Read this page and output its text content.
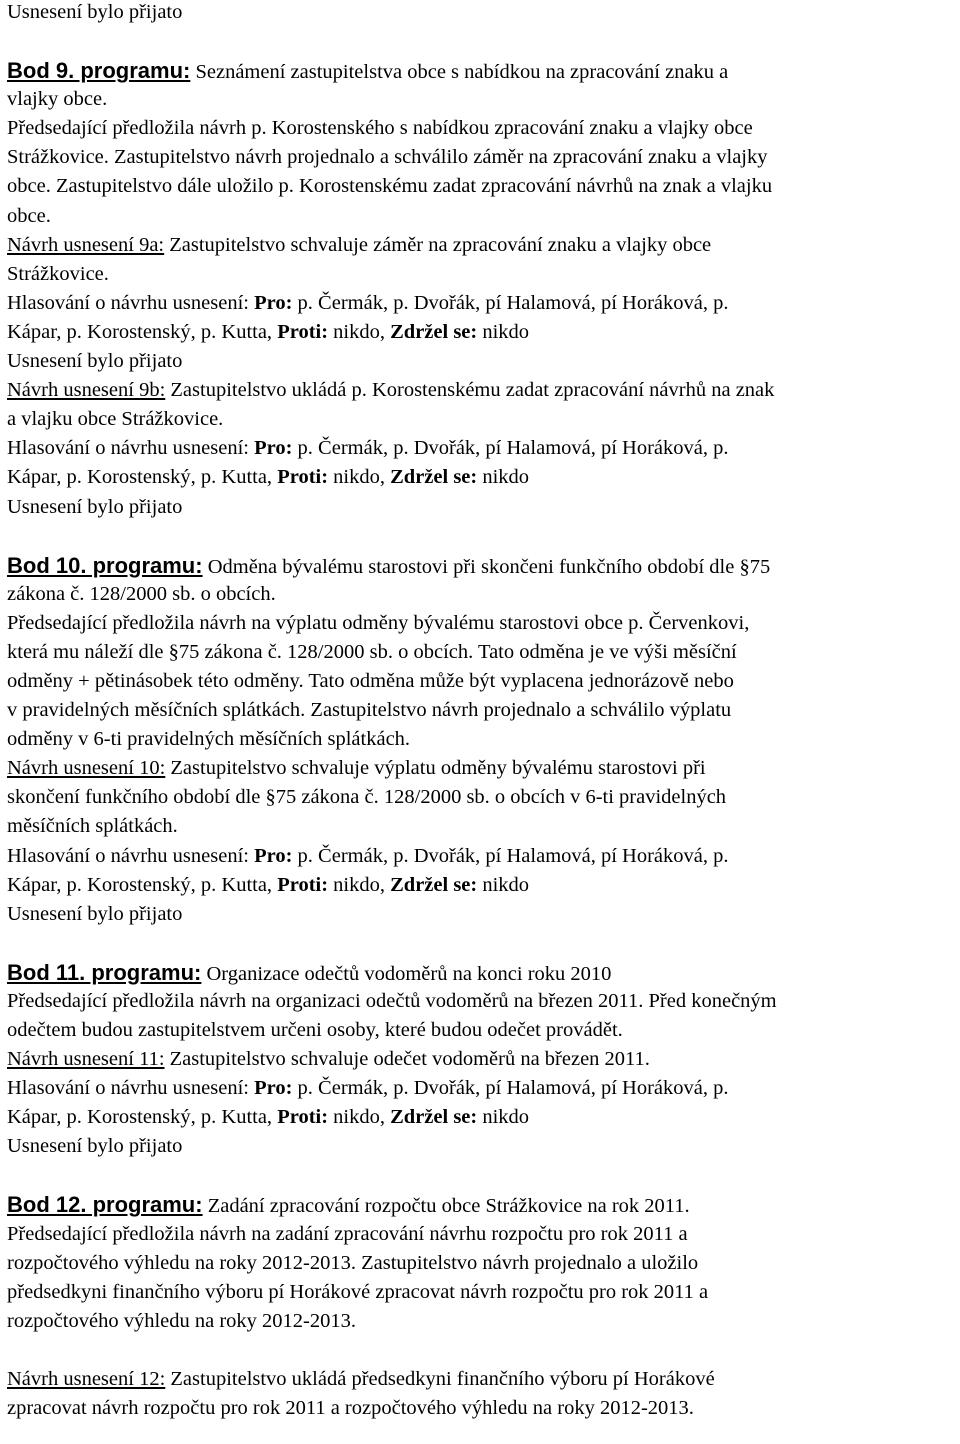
Usnesení bylo přijato
Bod 9. programu: Seznámení zastupitelstva obce s nabídkou na zpracování znaku a
vlajky obce.
Předsedající předložila návrh p. Korostenského s nabídkou zpracování znaku a vlajky obce
Strážkovice. Zastupitelstvo návrh projednalo a schválilo záměr na zpracování znaku a vlajky
obce. Zastupitelstvo dále uložilo p. Korostenskému zadat zpracování návrhů na znak a vlajku
obce.
Návrh usnesení 9a: Zastupitelstvo schvaluje záměr na zpracování znaku a vlajky obce
Strážkovice.
Hlasování o návrhu usnesení: Pro: p. Čermák, p. Dvořák, pí Halamová, pí Horáková, p.
Kápar, p. Korostenský, p. Kutta, Proti: nikdo, Zdržel se: nikdo
Usnesení bylo přijato
Návrh usnesení 9b: Zastupitelstvo ukládá p. Korostenskému zadat zpracování návrhů na znak
a vlajku obce Strážkovice.
Hlasování o návrhu usnesení: Pro: p. Čermák, p. Dvořák, pí Halamová, pí Horáková, p.
Kápar, p. Korostenský, p. Kutta, Proti: nikdo, Zdržel se: nikdo
Usnesení bylo přijato
Bod 10. programu: Odměna bývalému starostovi při skončeni funkčního období dle §75
zákona č. 128/2000 sb. o obcích.
Předsedající předložila návrh na výplatu odměny bývalému starostovi obce p. Červenkovi,
která mu náleží dle §75 zákona č. 128/2000 sb. o obcích. Tato odměna je ve výši měsíční
odměny + pětinásobek této odměny. Tato odměna může být vyplacena jednorázově nebo
v pravidelných měsíčních splátkách. Zastupitelstvo návrh projednalo a schválilo výplatu
odměny v 6-ti pravidelných měsíčních splátkách.
Návrh usnesení 10: Zastupitelstvo schvaluje výplatu odměny bývalému starostovi při
skončení funkčního období dle §75 zákona č. 128/2000 sb. o obcích v 6-ti pravidelných
měsíčních splátkách.
Hlasování o návrhu usnesení: Pro: p. Čermák, p. Dvořák, pí Halamová, pí Horáková, p.
Kápar, p. Korostenský, p. Kutta, Proti: nikdo, Zdržel se: nikdo
Usnesení bylo přijato
Bod 11. programu: Organizace odečtů vodoměrů na konci roku 2010
Předsedající předložila návrh na organizaci odečtů vodoměrů na březen 2011. Před konečným
odečtem budou zastupitelstvem určeni osoby, které budou odečet provádět.
Návrh usnesení 11: Zastupitelstvo schvaluje odečet vodoměrů na březen 2011.
Hlasování o návrhu usnesení: Pro: p. Čermák, p. Dvořák, pí Halamová, pí Horáková, p.
Kápar, p. Korostenský, p. Kutta, Proti: nikdo, Zdržel se: nikdo
Usnesení bylo přijato
Bod 12. programu: Zadání zpracování rozpočtu obce Strážkovice na rok 2011.
Předsedající předložila návrh na zadání zpracování návrhu rozpočtu pro rok 2011 a
rozpočtového výhledu na roky 2012-2013. Zastupitelstvo návrh projednalo a uložilo
předsedkyni finančního výboru pí Horákové zpracovat návrh rozpočtu pro rok 2011 a
rozpočtového výhledu na roky 2012-2013.
Návrh usnesení 12: Zastupitelstvo ukládá předsedkyni finančního výboru pí Horákové
zpracovat návrh rozpočtu pro rok 2011 a rozpočtového výhledu na roky 2012-2013.
